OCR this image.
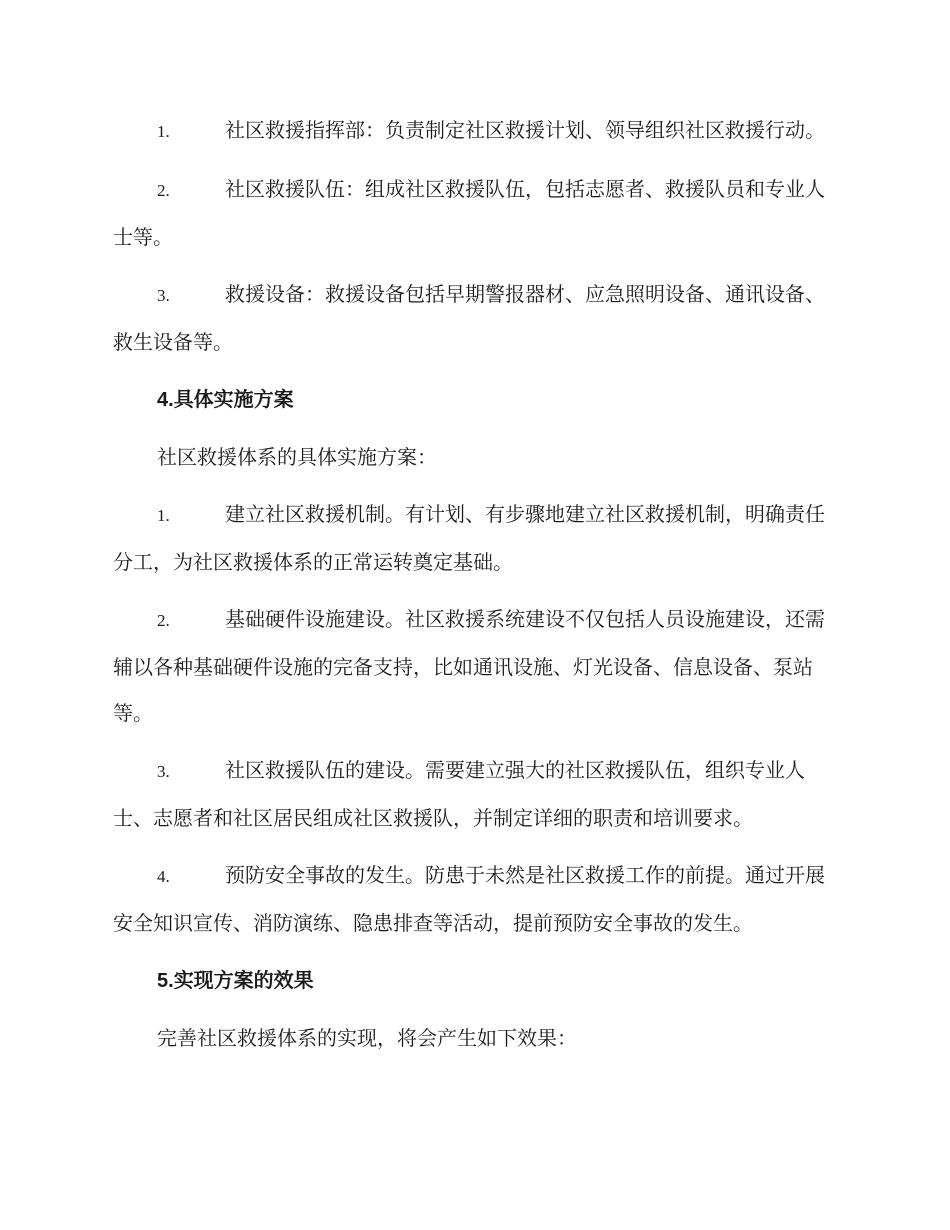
1.	社区救援指挥部：负责制定社区救援计划、领导组织社区救援行动。

2.	社区救援队伍：组成社区救援队伍，包括志愿者、救援队员和专业人士等。

3.	救援设备：救援设备包括早期警报器材、应急照明设备、通讯设备、救生设备等。

4.具体实施方案

社区救援体系的具体实施方案：

1.	建立社区救援机制。有计划、有步骤地建立社区救援机制，明确责任分工，为社区救援体系的正常运转奠定基础。

2.	基础硬件设施建设。社区救援系统建设不仅包括人员设施建设，还需辅以各种基础硬件设施的完备支持，比如通讯设施、灯光设备、信息设备、泵站等。

3.	社区救援队伍的建设。需要建立强大的社区救援队伍，组织专业人士、志愿者和社区居民组成社区救援队，并制定详细的职责和培训要求。

4.	预防安全事故的发生。防患于未然是社区救援工作的前提。通过开展安全知识宣传、消防演练、隐患排查等活动，提前预防安全事故的发生。

5.实现方案的效果

完善社区救援体系的实现，将会产生如下效果：
